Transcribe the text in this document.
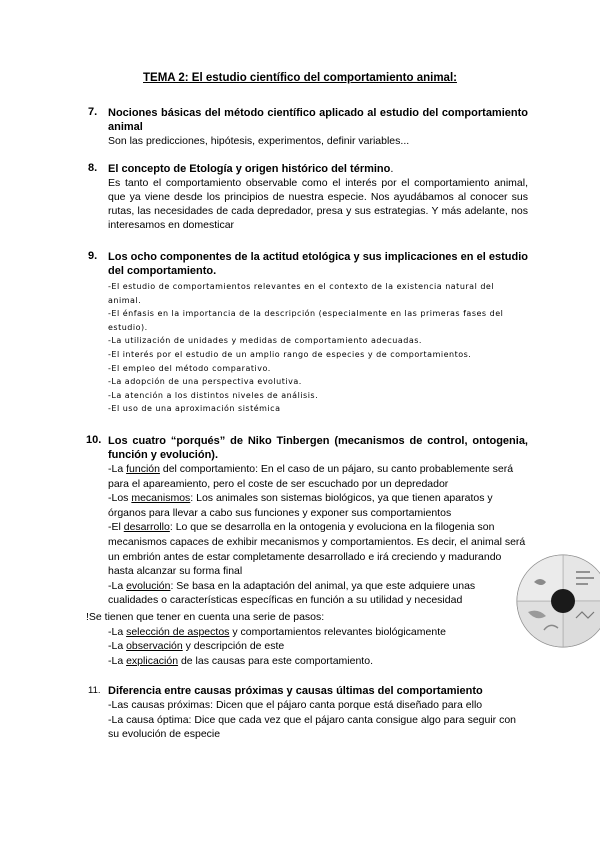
TEMA 2: El estudio científico del comportamiento animal:
7. Nociones básicas del método científico aplicado al estudio del comportamiento animal
Son las predicciones, hipótesis, experimentos, definir variables...
8. El concepto de Etología y origen histórico del término.
Es tanto el comportamiento observable como el interés por el comportamiento animal, que ya viene desde los principios de nuestra especie. Nos ayudábamos al conocer sus rutas, las necesidades de cada depredador, presa y sus estrategias. Y más adelante, nos interesamos en domesticar
9. Los ocho componentes de la actitud etológica y sus implicaciones en el estudio del comportamiento.
-El estudio de comportamientos relevantes en el contexto de la existencia natural del animal.
-El énfasis en la importancia de la descripción (especialmente en las primeras fases del estudio).
-La utilización de unidades y medidas de comportamiento adecuadas.
-El interés por el estudio de un amplio rango de especies y de comportamientos.
-El empleo del método comparativo.
-La adopción de una perspectiva evolutiva.
-La atención a los distintos niveles de análisis.
-El uso de una aproximación sistémica
10. Los cuatro “porqués” de Niko Tinbergen (mecanismos de control, ontogenia, función y evolución).
-La función del comportamiento: En el caso de un pájaro, su canto probablemente será para el apareamiento, pero el coste de ser escuchado por un depredador
-Los mecanismos: Los animales son sistemas biológicos, ya que tienen aparatos y órganos para llevar a cabo sus funciones y exponer sus comportamientos
-El desarrollo: Lo que se desarrolla en la ontogenia y evoluciona en la filogenia son mecanismos capaces de exhibir mecanismos y comportamientos. Es decir, el animal será un embrión antes de estar completamente desarrollado e irá creciendo y madurando hasta alcanzar su forma final
-La evolución: Se basa en la adaptación del animal, ya que este adquiere unas cualidades o características específicas en función a su utilidad y necesidad
!Se tienen que tener en cuenta una serie de pasos:
-La selección de aspectos y comportamientos relevantes biológicamente
-La observación y descripción de este
-La explicación de las causas para este comportamiento.
11. Diferencia entre causas próximas y causas últimas del comportamiento
-Las causas próximas: Dicen que el pájaro canta porque está diseñado para ello
-La causa óptima: Dice que cada vez que el pájaro canta consigue algo para seguir con su evolución de especie
